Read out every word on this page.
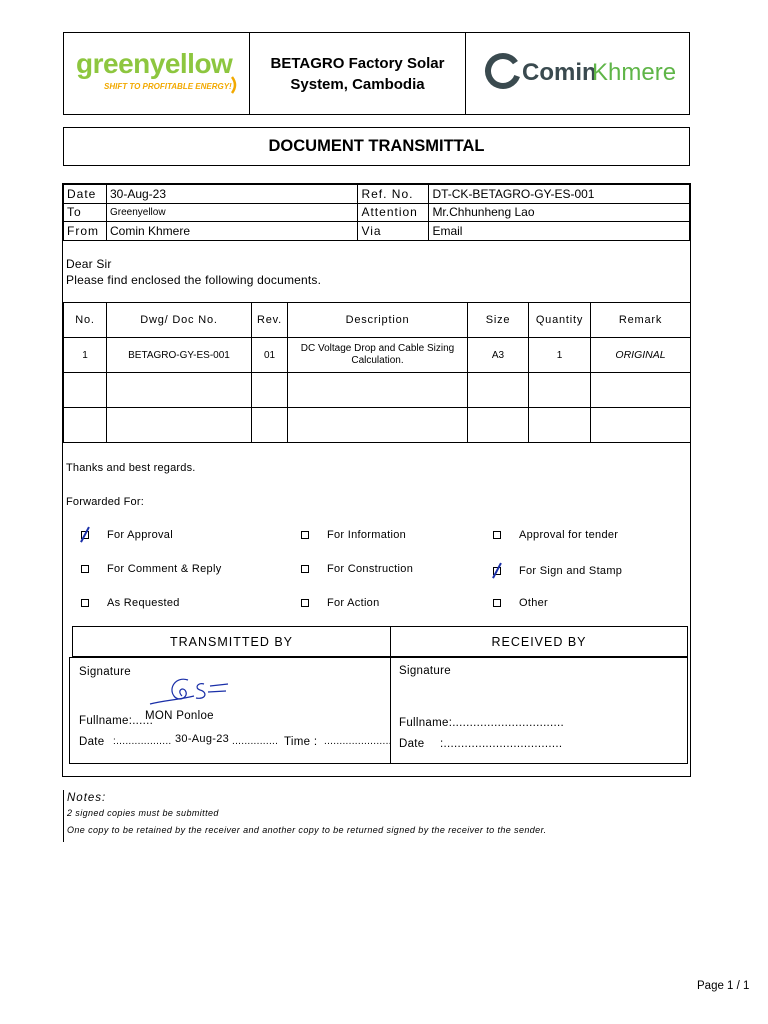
greenyellow
SHIFT TO PROFITABLE ENERGY!
BETAGRO Factory Solar
System, Cambodia	Comin
Khmere
DOCUMENT TRANSMITTAL
Date	30-Aug-23	Ref. No.	DT-CK-BETAGRO-GY-ES-001
To	Greenyellow	Attention	Mr.Chhunheng Lao
From	Comin Khmere	Via	Email
Dear Sir
Please find enclosed the following documents.
No.	Dwg/ Doc No.	Rev.	Description	Size	Quantity	Remark
1	BETAGRO-GY-ES-001	01	DC Voltage Drop and Cable Sizing Calculation.	A3	1	ORIGINAL

Thanks and best regards.
Forwarded For:
For Approval	For Information	Approval for tender
For Comment & Reply	For Construction	For Sign and Stamp
As Requested	For Action	Other
TRANSMITTED BY	RECEIVED BY
Signature
Fullname:......
MON Ponloe
Date :.................. 30-Aug-23 ............... Time : ......................
Signature
Fullname:................................
Date :..................................
Notes:
2 signed copies must be submitted
One copy to be retained by the receiver and another copy to be returned signed by the receiver to the sender.
Page 1 / 1
